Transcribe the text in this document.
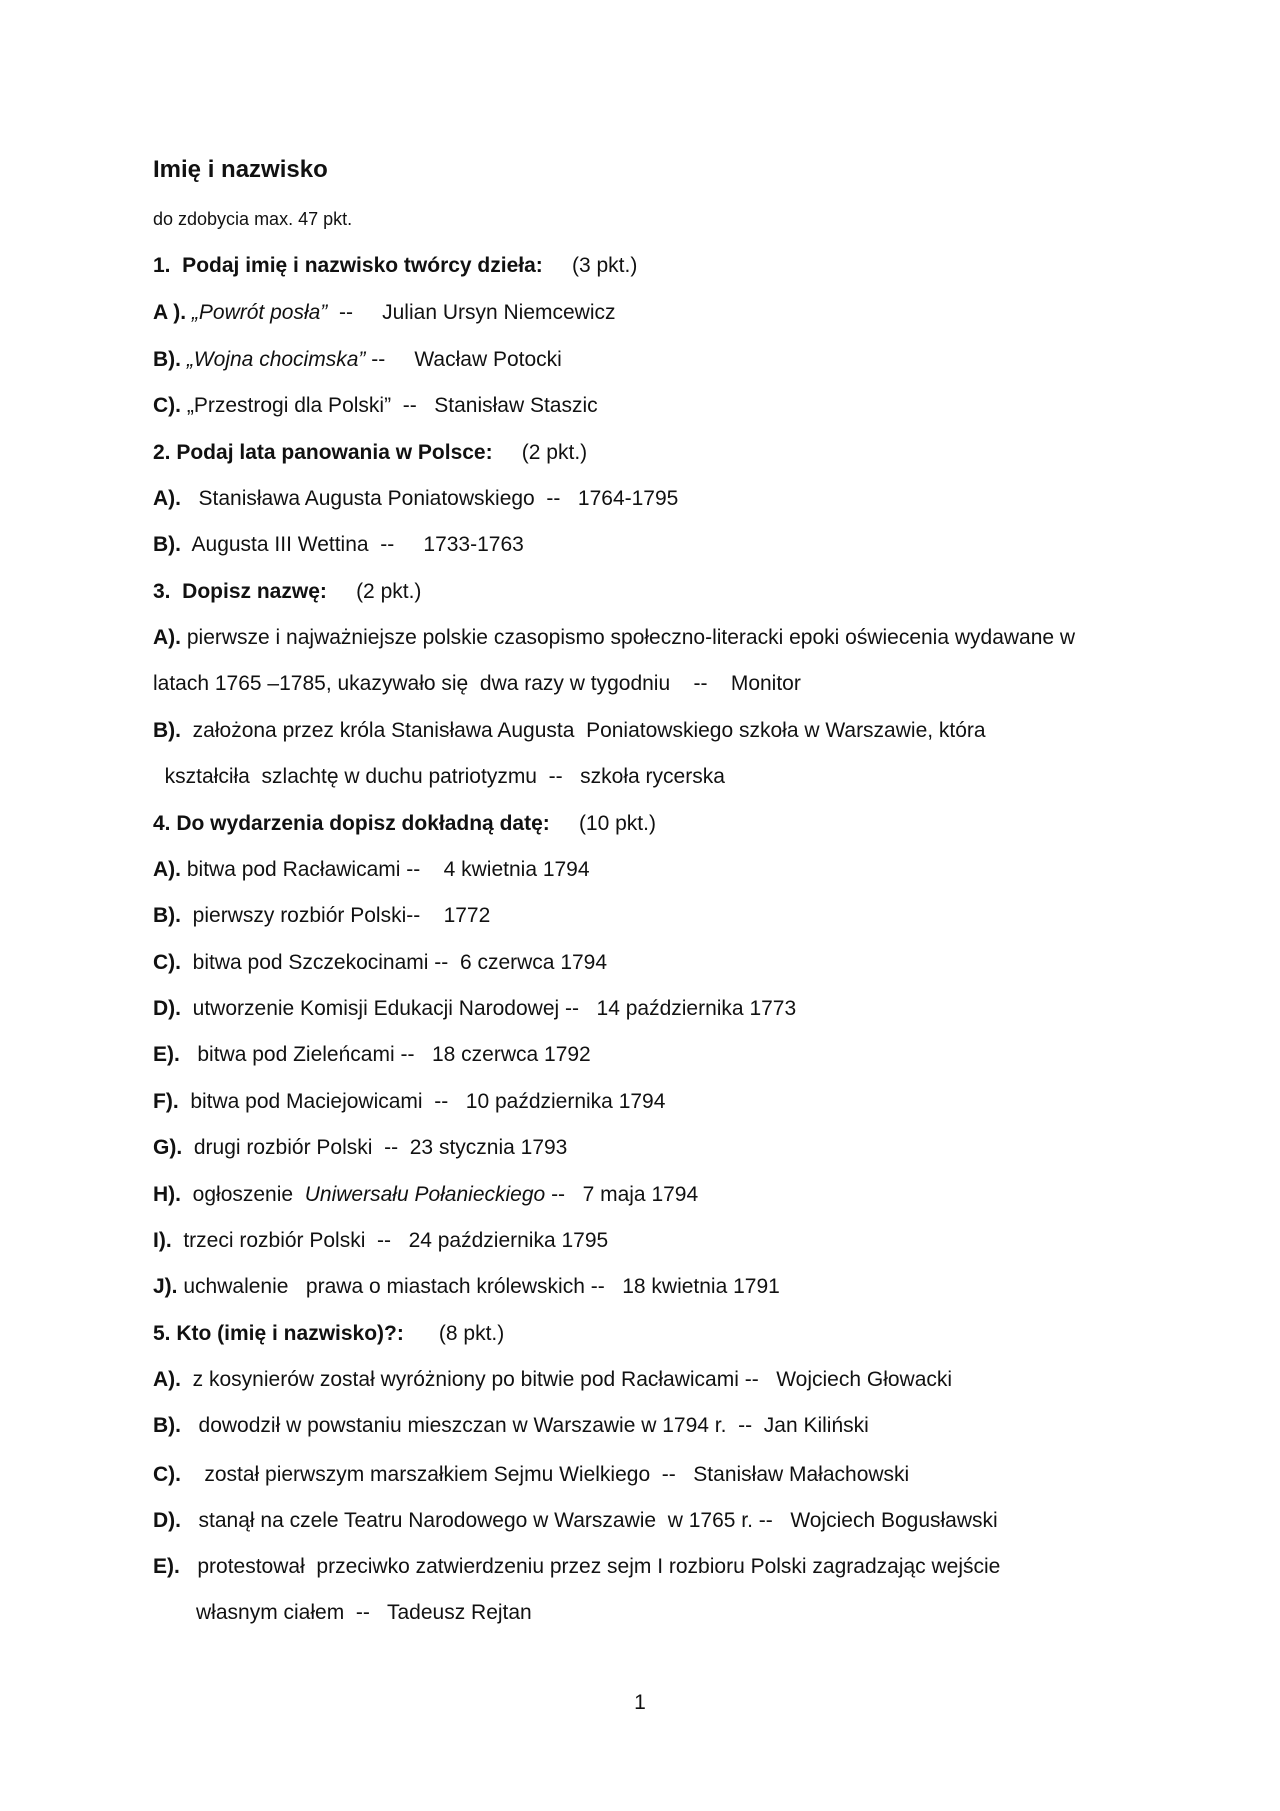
Imię i nazwisko
do zdobycia max. 47 pkt.
1.  Podaj imię i nazwisko twórcy dzieła: (3 pkt.)
A ). „Powrót posła”  --     Julian Ursyn Niemcewicz
B). „Wojna chocimska” --     Wacław Potocki
C). „Przestrogi dla Polski”  --   Stanisław Staszic
2. Podaj lata panowania w Polsce: (2 pkt.)
A). Stanisława Augusta Poniatowskiego  --   1764-1795
B). Augusta III Wettina  --     1733-1763
3.  Dopisz nazwę: (2 pkt.)
A). pierwsze i najważniejsze polskie czasopismo społeczno-literacki epoki oświecenia wydawane w
latach 1765 –1785, ukazywało się  dwa razy w tygodniu    --    Monitor
B). założona przez króla Stanisława Augusta  Poniatowskiego szkoła w Warszawie, która
kształciła  szlachtę w duchu patriotyzmu  --   szkoła rycerska
4. Do wydarzenia dopisz dokładną datę: (10 pkt.)
A). bitwa pod Racławicami -- 4 kwietnia 1794
B). pierwszy rozbiór Polski-- 1772
C). bitwa pod Szczekocinami -- 6 czerwca 1794
D). utworzenie Komisji Edukacji Narodowej -- 14 października 1773
E). bitwa pod Zieleńcami -- 18 czerwca 1792
F). bitwa pod Maciejowicami  -- 10 października 1794
G). drugi rozbiór Polski  -- 23 stycznia 1793
H). ogłoszenie Uniwersału Połanieckiego -- 7 maja 1794
I). trzeci rozbiór Polski  -- 24 października 1795
J). uchwalenie   prawa o miastach królewskich -- 18 kwietnia 1791
5. Kto (imię i nazwisko)?: (8 pkt.)
A). z kosynierów został wyróżniony po bitwie pod Racławicami -- Wojciech Głowacki
B). dowodził w powstaniu mieszczan w Warszawie w 1794 r.  -- Jan Kiliński
C). został pierwszym marszałkiem Sejmu Wielkiego  -- Stanisław Małachowski
D). stanął na czele Teatru Narodowego w Warszawie  w 1765 r. -- Wojciech Bogusławski
E). protestował  przeciwko zatwierdzeniu przez sejm I rozbioru Polski zagradzając wejście
własnym ciałem  -- Tadeusz Rejtan
1
